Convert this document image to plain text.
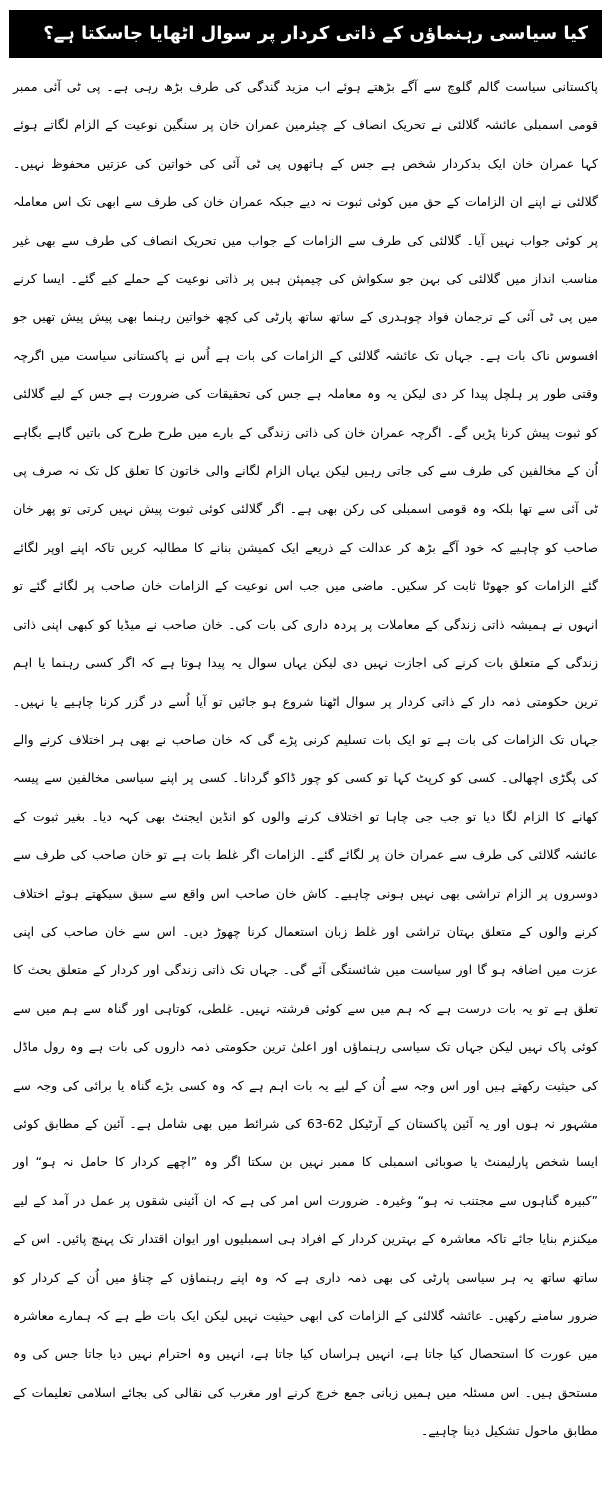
کیا سیاسی رہنماؤں کے ذاتی کردار پر سوال اٹھایا جاسکتا ہے؟

پاکستانی سیاست گالم گلوچ سے آگے بڑھتے ہوئے اب مزید گندگی کی طرف بڑھ رہی ہے۔ پی ٹی آئی ممبر قومی اسمبلی عائشہ گلالئی نے تحریک انصاف کے چیئرمین عمران خان پر سنگین نوعیت کے الزام لگاتے ہوئے کہا عمران خان ایک بدکردار شخص ہے جس کے ہاتھوں پی ٹی آئی کی خواتین کی عزتیں محفوظ نہیں۔ گلالئی نے اپنے ان الزامات کے حق میں کوئی ثبوت نہ دیے جبکہ عمران خان کی طرف سے ابھی تک اس معاملہ پر کوئی جواب نہیں آیا۔ گلالئی کی طرف سے الزامات کے جواب میں تحریک انصاف کی طرف سے بھی غیر مناسب انداز میں گلالئی کی بہن جو سکواش کی چیمپئن ہیں پر ذاتی نوعیت کے حملے کیے گئے۔ ایسا کرنے میں پی ٹی آئی کے ترجمان فواد چوہدری کے ساتھ ساتھ پارٹی کی کچھ خواتین رہنما بھی پیش پیش تھیں جو افسوس ناک بات ہے۔ جہاں تک عائشہ گلالئی کے الزامات کی بات ہے اُس نے پاکستانی سیاست میں اگرچہ وقتی طور پر ہلچل پیدا کر دی لیکن یہ وہ معاملہ ہے جس کی تحقیقات کی ضرورت ہے جس کے لیے گلالئی کو ثبوت پیش کرنا پڑیں گے۔ اگرچہ عمران خان کی ذاتی زندگی کے بارے میں طرح طرح کی باتیں گاہے بگاہے اُن کے مخالفین کی طرف سے کی جاتی رہیں لیکن یہاں الزام لگانے والی خاتون کا تعلق کل تک نہ صرف پی ٹی آئی سے تھا بلکہ وہ قومی اسمبلی کی رکن بھی ہے۔ اگر گلالئی کوئی ثبوت پیش نہیں کرتی تو پھر خان صاحب کو چاہیے کہ خود آگے بڑھ کر عدالت کے ذریعے ایک کمیشن بنانے کا مطالبہ کریں تاکہ اپنے اوپر لگائے گئے الزامات کو جھوٹا ثابت کر سکیں۔ ماضی میں جب اس نوعیت کے الزامات خان صاحب پر لگائے گئے تو انہوں نے ہمیشہ ذاتی زندگی کے معاملات پر پردہ داری کی بات کی۔ خان صاحب نے میڈیا کو کبھی اپنی ذاتی زندگی کے متعلق بات کرنے کی اجازت نہیں دی لیکن یہاں سوال یہ پیدا ہوتا ہے کہ اگر کسی رہنما یا اہم ترین حکومتی ذمہ دار کے ذاتی کردار پر سوال اٹھنا شروع ہو جائیں تو آیا اُسے در گزر کرنا چاہیے یا نہیں۔ جہاں تک الزامات کی بات ہے تو ایک بات تسلیم کرنی پڑے گی کہ خان صاحب نے بھی ہر اختلاف کرنے والے کی پگڑی اچھالی۔ کسی کو کرپٹ کہا تو کسی کو چور ڈاکو گردانا۔ کسی پر اپنے سیاسی مخالفین سے پیسہ کھانے کا الزام لگا دیا تو جب جی چاہا تو اختلاف کرنے والوں کو انڈین ایجنٹ بھی کہہ دیا۔ بغیر ثبوت کے عائشہ گلالئی کی طرف سے عمران خان پر لگائے گئے۔ الزامات اگر غلط بات ہے تو خان صاحب کی طرف سے دوسروں پر الزام تراشی بھی نہیں ہونی چاہیے۔ کاش خان صاحب اس واقع سے سبق سیکھتے ہوئے اختلاف کرنے والوں کے متعلق بہتان تراشی اور غلط زبان استعمال کرنا چھوڑ دیں۔ اس سے خان صاحب کی اپنی عزت میں اضافہ ہو گا اور سیاست میں شائستگی آئے گی۔ جہاں تک ذاتی زندگی اور کردار کے متعلق بحث کا تعلق ہے تو یہ بات درست ہے کہ ہم میں سے کوئی فرشتہ نہیں۔ غلطی، کوتاہی اور گناہ سے ہم میں سے کوئی پاک نہیں لیکن جہاں تک سیاسی رہنماؤں اور اعلیٰ ترین حکومتی ذمہ داروں کی بات ہے وہ رول ماڈل کی حیثیت رکھتے ہیں اور اس وجہ سے اُن کے لیے یہ بات اہم ہے کہ وہ کسی بڑے گناہ یا برائی کی وجہ سے مشہور نہ ہوں اور یہ آئین پاکستان کے آرٹیکل 62-63 کی شرائط میں بھی شامل ہے۔ آئین کے مطابق کوئی ایسا شخص پارلیمنٹ یا صوبائی اسمبلی کا ممبر نہیں بن سکتا اگر وہ ”اچھے کردار کا حامل نہ ہو“ اور ”کبیرہ گناہوں سے مجتنب نہ ہو“ وغیرہ۔ ضرورت اس امر کی ہے کہ ان آئینی شقوں پر عمل در آمد کے لیے میکنزم بنایا جائے تاکہ معاشرہ کے بہترین کردار کے افراد ہی اسمبلیوں اور ایوان اقتدار تک پہنچ پائیں۔ اس کے ساتھ ساتھ یہ ہر سیاسی پارٹی کی بھی ذمہ داری ہے کہ وہ اپنے رہنماؤں کے چناؤ میں اُن کے کردار کو ضرور سامنے رکھیں۔ عائشہ گلالئی کے الزامات کی ابھی حیثیت نہیں لیکن ایک بات طے ہے کہ ہمارے معاشرہ میں عورت کا استحصال کیا جاتا ہے، انہیں ہراساں کیا جاتا ہے، انہیں وہ احترام نہیں دیا جاتا جس کی وہ مستحق ہیں۔ اس مسئلہ میں ہمیں زبانی جمع خرچ کرنے اور مغرب کی نقالی کی بجائے اسلامی تعلیمات کے مطابق ماحول تشکیل دینا چاہیے۔
